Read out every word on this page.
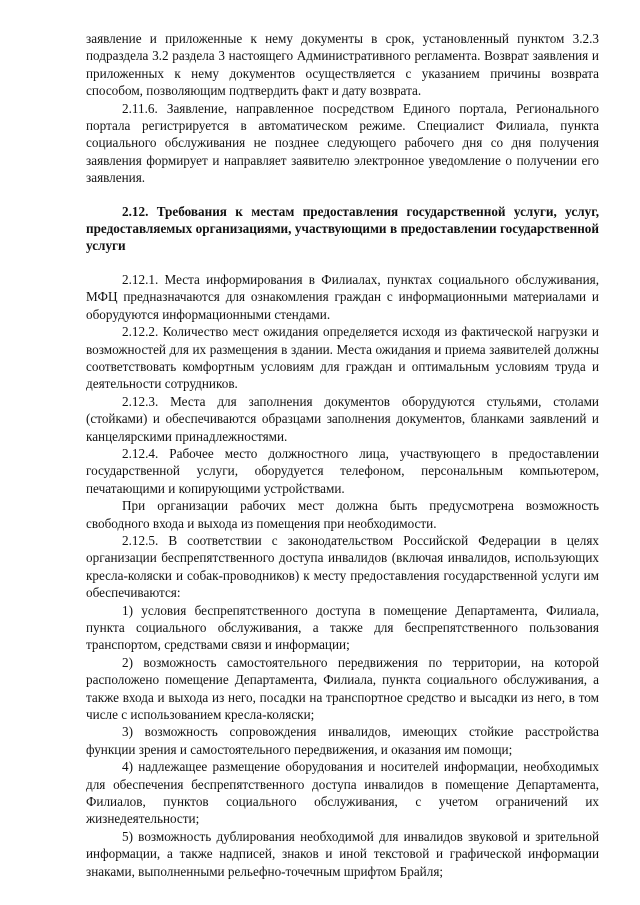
заявление и приложенные к нему документы в срок, установленный пунктом 3.2.3 подраздела 3.2 раздела 3 настоящего Административного регламента. Возврат заявления и приложенных к нему документов осуществляется с указанием причины возврата способом, позволяющим подтвердить факт и дату возврата.

2.11.6. Заявление, направленное посредством Единого портала, Регионального портала регистрируется в автоматическом режиме. Специалист Филиала, пункта социального обслуживания не позднее следующего рабочего дня со дня получения заявления формирует и направляет заявителю электронное уведомление о получении его заявления.

2.12. Требования к местам предоставления государственной услуги, услуг, предоставляемых организациями, участвующими в предоставлении государственной услуги

2.12.1. Места информирования в Филиалах, пунктах социального обслуживания, МФЦ предназначаются для ознакомления граждан с информационными материалами и оборудуются информационными стендами.

2.12.2. Количество мест ожидания определяется исходя из фактической нагрузки и возможностей для их размещения в здании. Места ожидания и приема заявителей должны соответствовать комфортным условиям для граждан и оптимальным условиям труда и деятельности сотрудников.

2.12.3. Места для заполнения документов оборудуются стульями, столами (стойками) и обеспечиваются образцами заполнения документов, бланками заявлений и канцелярскими принадлежностями.

2.12.4. Рабочее место должностного лица, участвующего в предоставлении государственной услуги, оборудуется телефоном, персональным компьютером, печатающими и копирующими устройствами.

При организации рабочих мест должна быть предусмотрена возможность свободного входа и выхода из помещения при необходимости.

2.12.5. В соответствии с законодательством Российской Федерации в целях организации беспрепятственного доступа инвалидов (включая инвалидов, использующих кресла-коляски и собак-проводников) к месту предоставления государственной услуги им обеспечиваются:

1) условия беспрепятственного доступа в помещение Департамента, Филиала, пункта социального обслуживания, а также для беспрепятственного пользования транспортом, средствами связи и информации;

2) возможность самостоятельного передвижения по территории, на которой расположено помещение Департамента, Филиала, пункта социального обслуживания, а также входа и выхода из него, посадки на транспортное средство и высадки из него, в том числе с использованием кресла-коляски;

3) возможность сопровождения инвалидов, имеющих стойкие расстройства функции зрения и самостоятельного передвижения, и оказания им помощи;

4) надлежащее размещение оборудования и носителей информации, необходимых для обеспечения беспрепятственного доступа инвалидов в помещение Департамента, Филиалов, пунктов социального обслуживания, с учетом ограничений их жизнедеятельности;

5) возможность дублирования необходимой для инвалидов звуковой и зрительной информации, а также надписей, знаков и иной текстовой и графической информации знаками, выполненными рельефно-точечным шрифтом Брайля;
